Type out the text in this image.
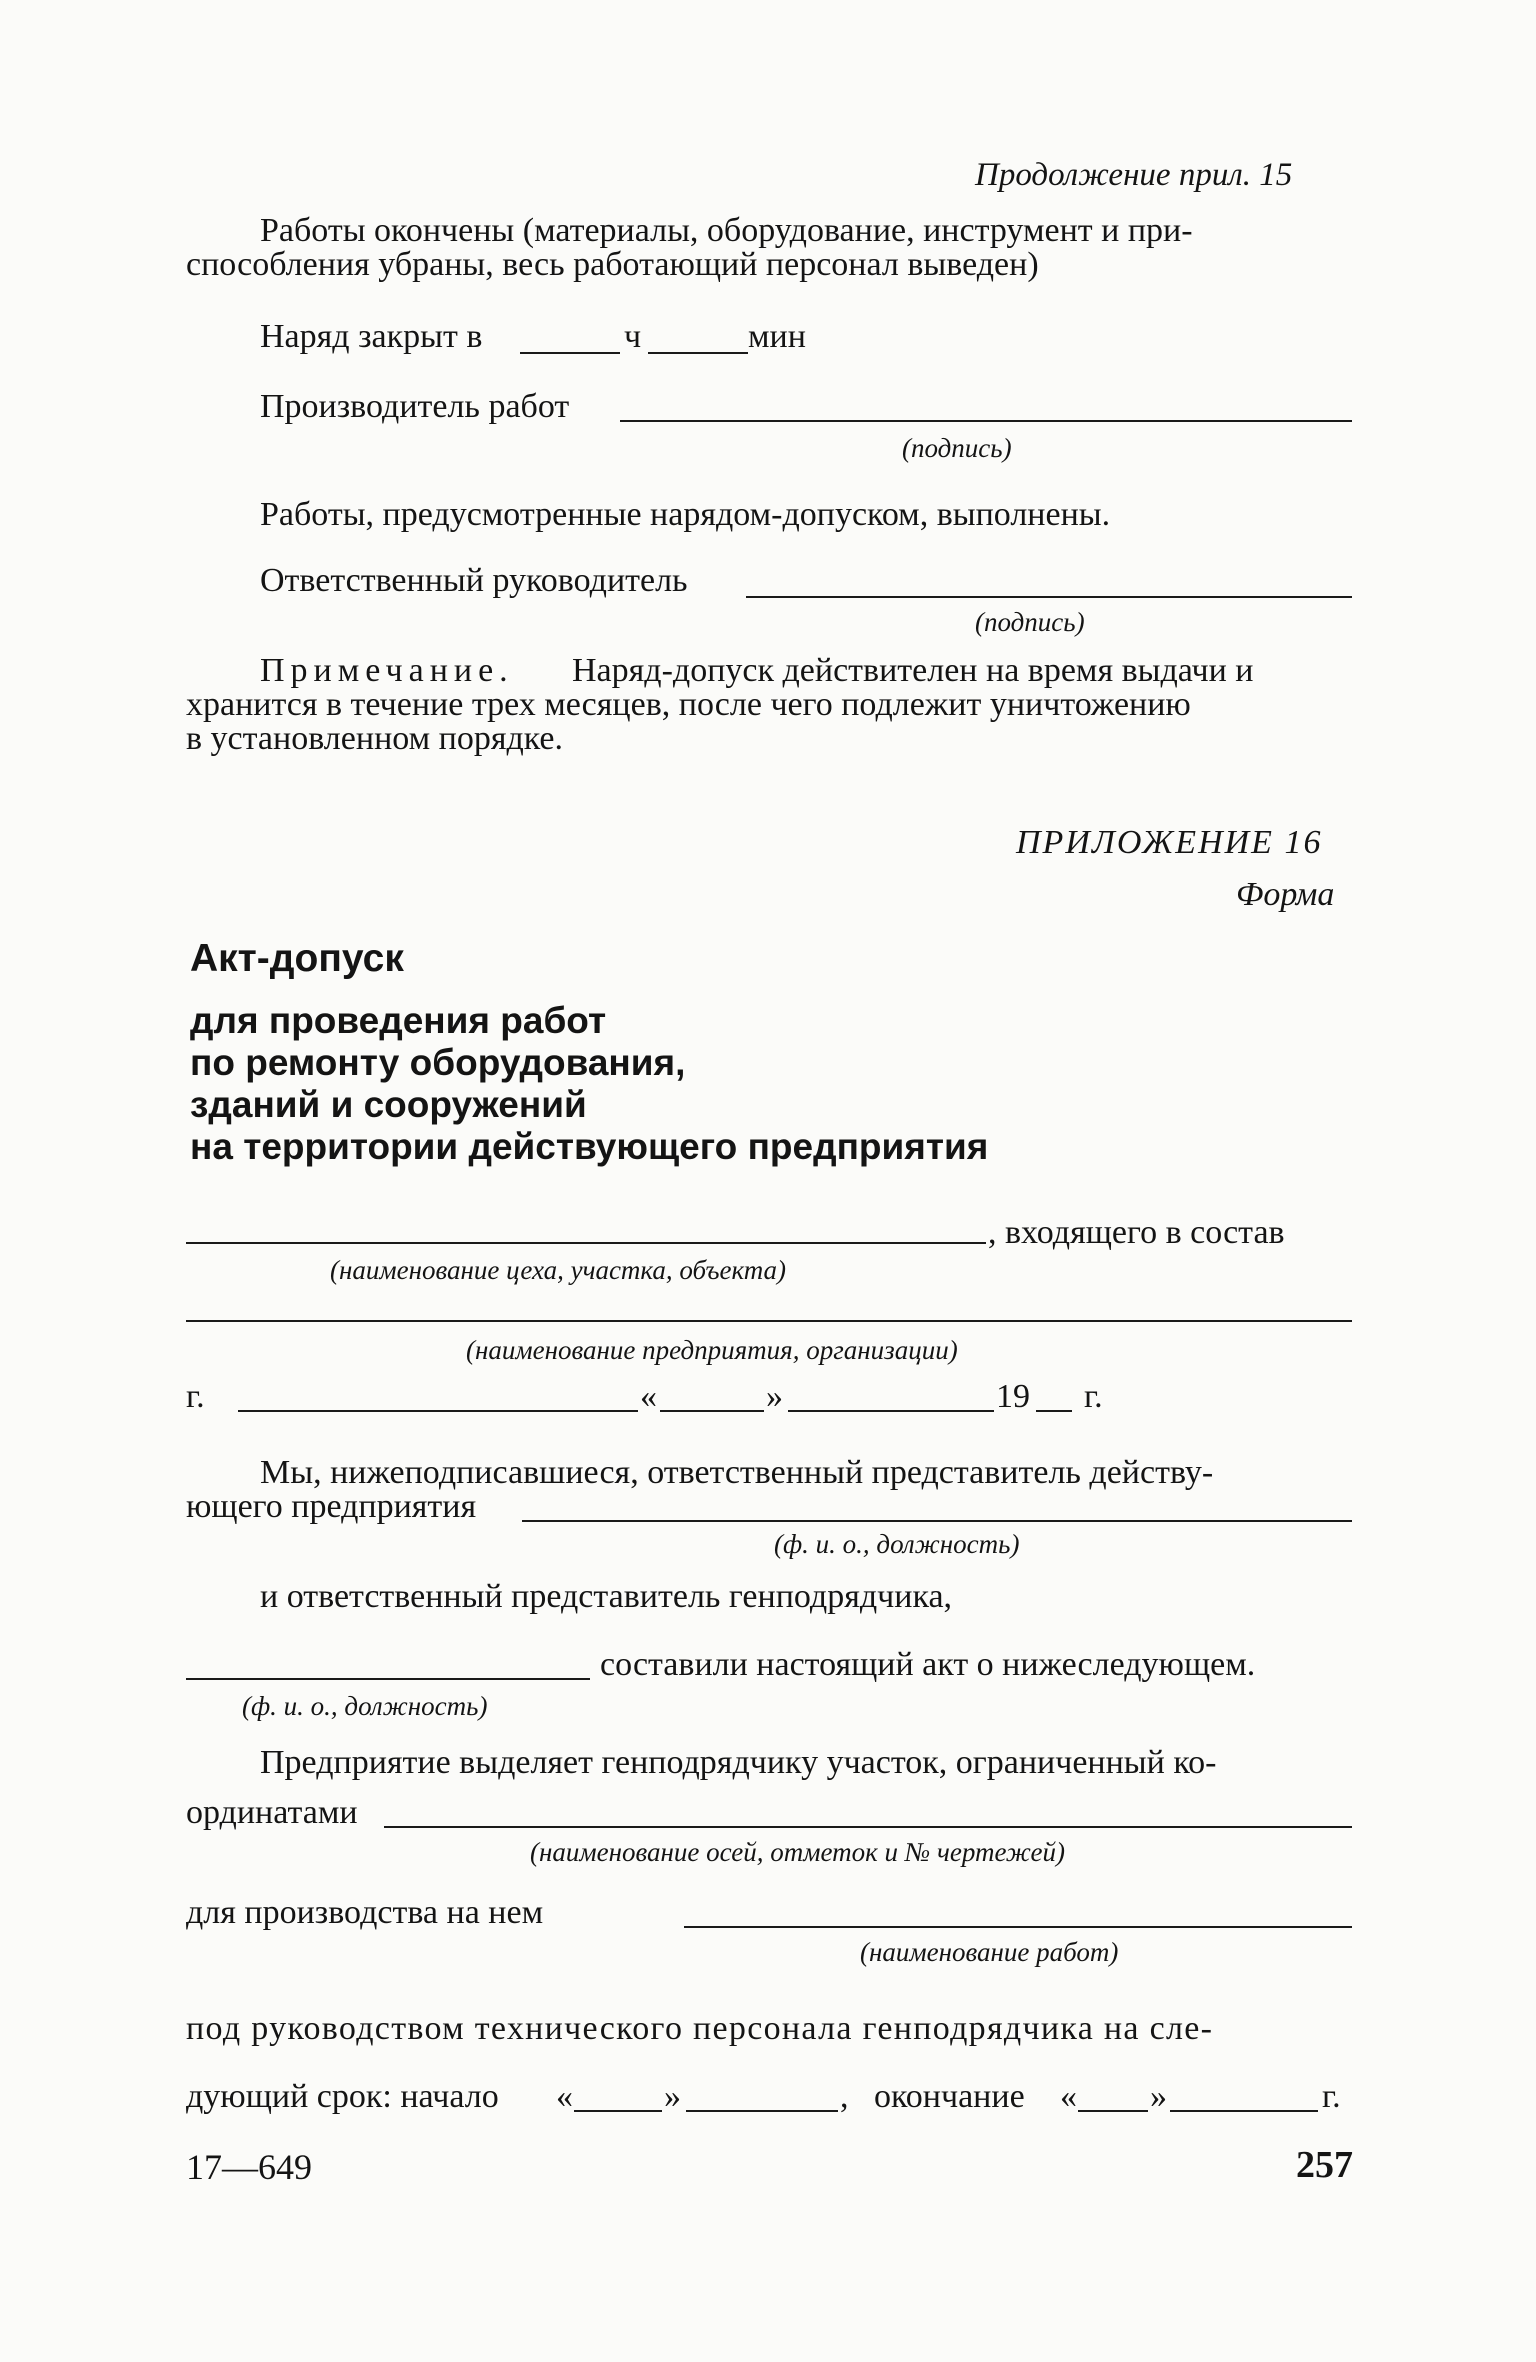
Продолжение прил. 15
Работы окончены (материалы, оборудование, инструмент и при-
способления убраны, весь работающий персонал выведен)
Наряд закрыт в	ч	мин
Производитель работ
(подпись)
Работы, предусмотренные нарядом-допуском, выполнены.
Ответственный руководитель
(подпись)
Примечание. Наряд-допуск действителен на время выдачи и
хранится в течение трех месяцев, после чего подлежит уничтожению
в установленном порядке.
ПРИЛОЖЕНИЕ 16
Форма
Акт-допуск
для проведения работ
по ремонту оборудования,
зданий и сооружений
на территории действующего предприятия
, входящего в состав
(наименование цеха, участка, объекта)
(наименование предприятия, организации)
г.	«	»	19 г.
Мы, нижеподписавшиеся, ответственный представитель действу-
ющего предприятия
(ф. и. о., должность)
и ответственный представитель генподрядчика,
составили настоящий акт о нижеследующем.
(ф. и. о., должность)
Предприятие выделяет генподрядчику участок, ограниченный ко-
ординатами
(наименование осей, отметок и № чертежей)
для производства на нем
(наименование работ)
под руководством технического персонала генподрядчика на сле-
дующий срок: начало «	»	, окончание « »	г.
17—649	257
